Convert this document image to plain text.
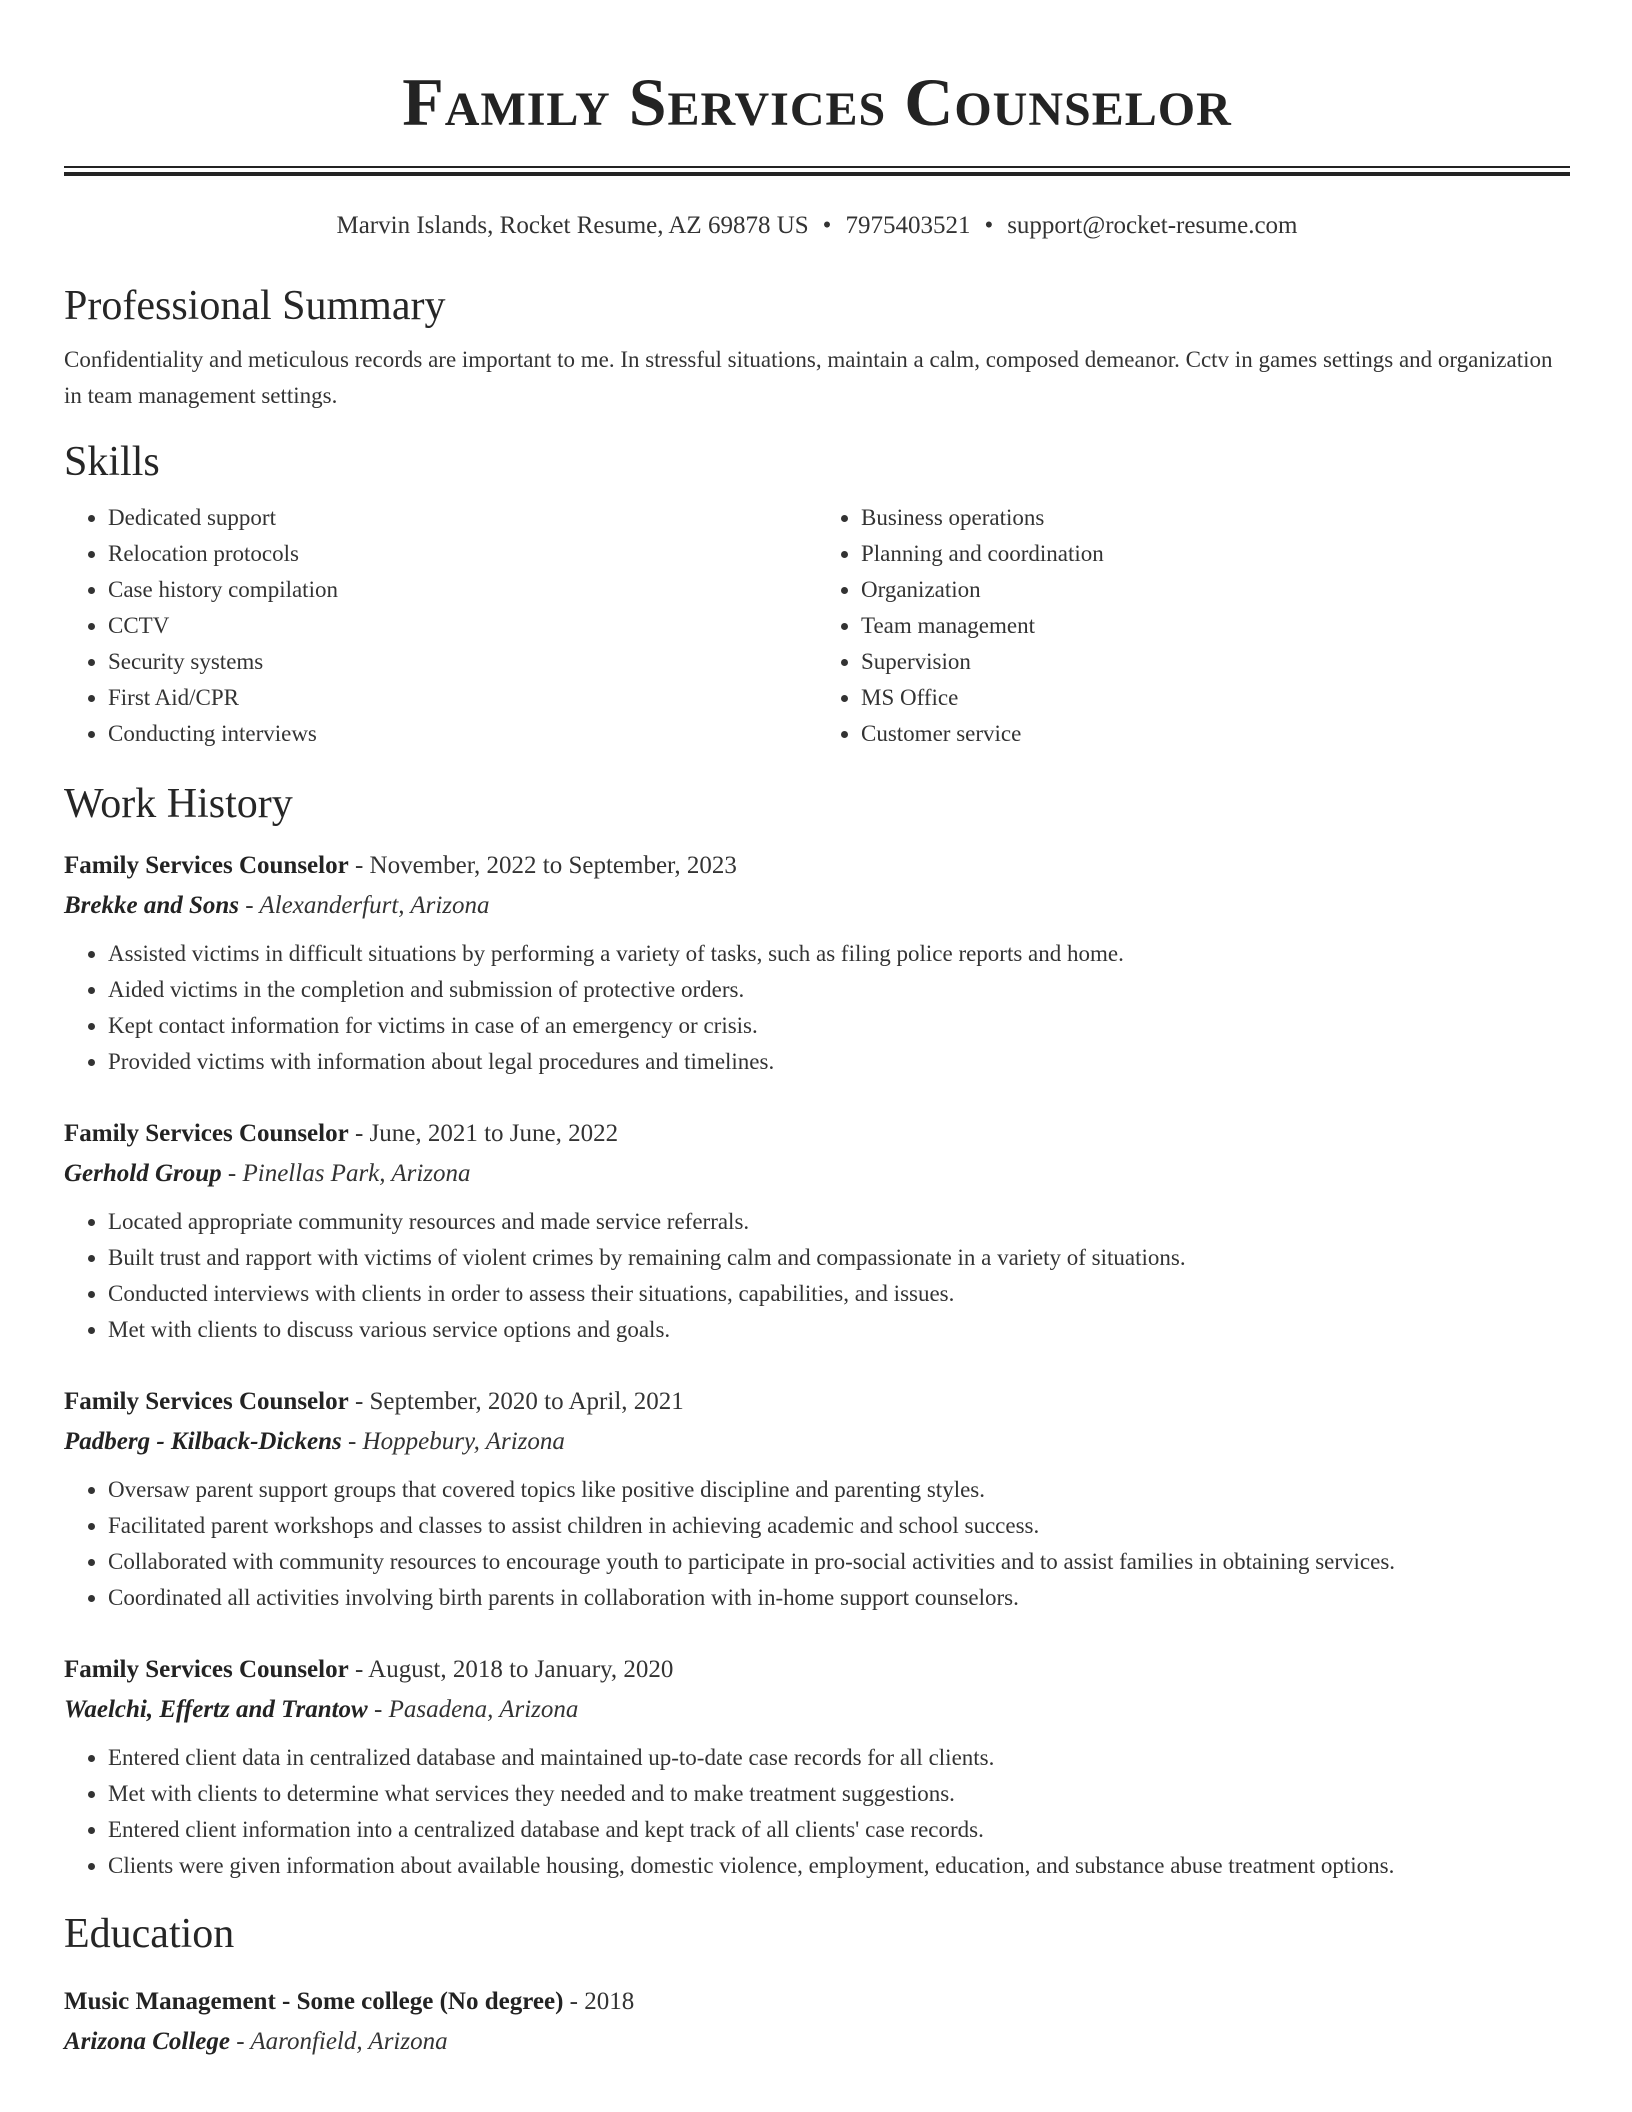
Family Services Counselor
Marvin Islands, Rocket Resume, AZ 69878 US • 7975403521 • support@rocket-resume.com
Professional Summary
Confidentiality and meticulous records are important to me. In stressful situations, maintain a calm, composed demeanor. Cctv in games settings and organization in team management settings.
Skills
• Dedicated support
• Relocation protocols
• Case history compilation
• CCTV
• Security systems
• First Aid/CPR
• Conducting interviews
• Business operations
• Planning and coordination
• Organization
• Team management
• Supervision
• MS Office
• Customer service
Work History
Family Services Counselor - November, 2022 to September, 2023
Brekke and Sons - Alexanderfurt, Arizona
• Assisted victims in difficult situations by performing a variety of tasks, such as filing police reports and home.
• Aided victims in the completion and submission of protective orders.
• Kept contact information for victims in case of an emergency or crisis.
• Provided victims with information about legal procedures and timelines.
Family Services Counselor - June, 2021 to June, 2022
Gerhold Group - Pinellas Park, Arizona
• Located appropriate community resources and made service referrals.
• Built trust and rapport with victims of violent crimes by remaining calm and compassionate in a variety of situations.
• Conducted interviews with clients in order to assess their situations, capabilities, and issues.
• Met with clients to discuss various service options and goals.
Family Services Counselor - September, 2020 to April, 2021
Padberg - Kilback-Dickens - Hoppebury, Arizona
• Oversaw parent support groups that covered topics like positive discipline and parenting styles.
• Facilitated parent workshops and classes to assist children in achieving academic and school success.
• Collaborated with community resources to encourage youth to participate in pro-social activities and to assist families in obtaining services.
• Coordinated all activities involving birth parents in collaboration with in-home support counselors.
Family Services Counselor - August, 2018 to January, 2020
Waelchi, Effertz and Trantow - Pasadena, Arizona
• Entered client data in centralized database and maintained up-to-date case records for all clients.
• Met with clients to determine what services they needed and to make treatment suggestions.
• Entered client information into a centralized database and kept track of all clients' case records.
• Clients were given information about available housing, domestic violence, employment, education, and substance abuse treatment options.
Education
Music Management - Some college (No degree) - 2018
Arizona College - Aaronfield, Arizona
